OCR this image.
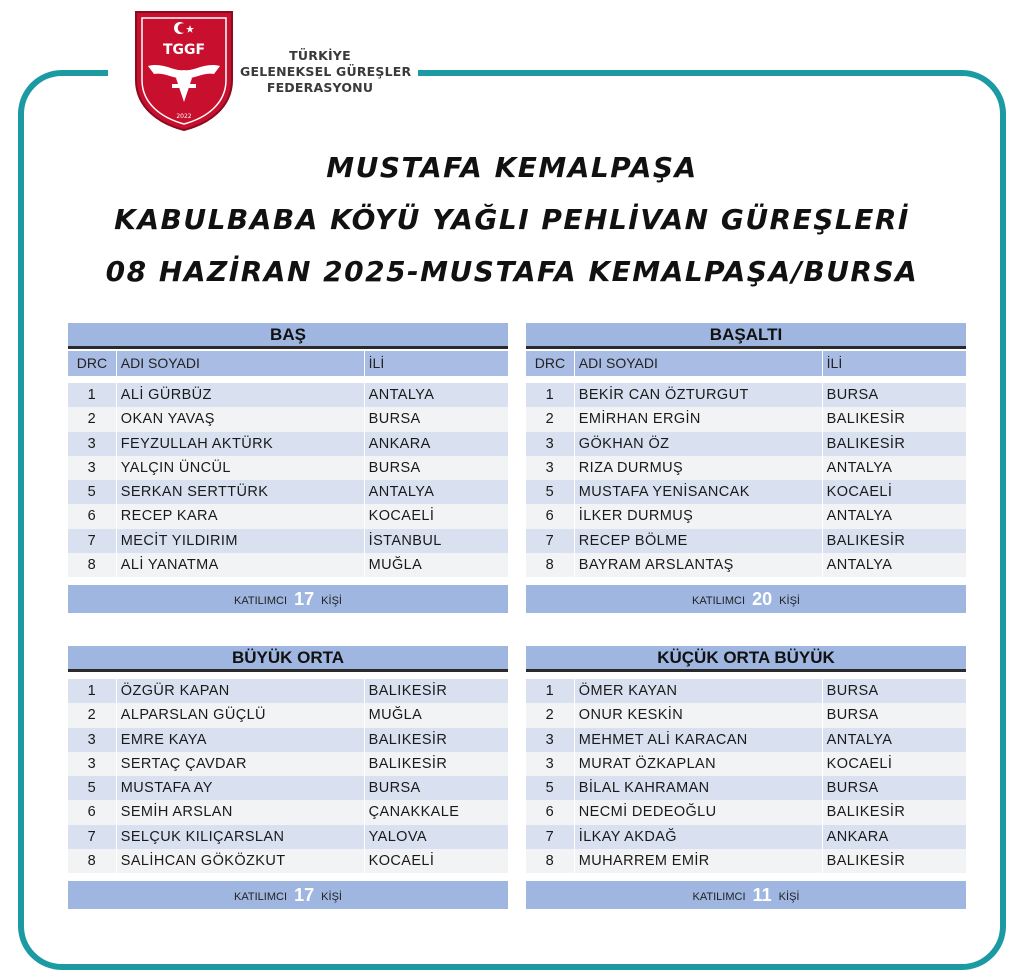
TGGF
2022
TÜRKİYE
GELENEKSEL GÜREŞLER
FEDERASYONU
MUSTAFA KEMALPAŞA
KABULBABA KÖYÜ YAĞLI PEHLİVAN GÜREŞLERİ
08 HAZİRAN 2025-MUSTAFA KEMALPAŞA/BURSA
BAŞ
DRC ADI SOYADI	İLİ
1	ALİ GÜRBÜZ	ANTALYA
2	OKAN YAVAŞ	BURSA
3	FEYZULLAH AKTÜRK	ANKARA
3	YALÇIN ÜNCÜL	BURSA
5	SERKAN SERTTÜRK	ANTALYA
6	RECEP KARA	KOCAELİ
7	MECİT YILDIRIM	İSTANBUL
8	ALİ YANATMA	MUĞLA
KATILIMCI 17 KİŞİ
BAŞALTI
DRC ADI SOYADI	İLİ
1	BEKİR CAN ÖZTURGUT	BURSA
2	EMİRHAN ERGİN	BALIKESİR
3	GÖKHAN ÖZ	BALIKESİR
3	RIZA DURMUŞ	ANTALYA
5	MUSTAFA YENİSANCAK	KOCAELİ
6	İLKER DURMUŞ	ANTALYA
7	RECEP BÖLME	BALIKESİR
8	BAYRAM ARSLANTAŞ	ANTALYA
KATILIMCI 20 KİŞİ
BÜYÜK ORTA
1	ÖZGÜR KAPAN	BALIKESİR
2	ALPARSLAN GÜÇLÜ	MUĞLA
3	EMRE KAYA	BALIKESİR
3	SERTAÇ ÇAVDAR	BALIKESİR
5	MUSTAFA AY	BURSA
6	SEMİH ARSLAN	ÇANAKKALE
7	SELÇUK KILIÇARSLAN	YALOVA
8	SALİHCAN GÖKÖZKUT	KOCAELİ
KATILIMCI 17 KİŞİ
KÜÇÜK ORTA BÜYÜK
1	ÖMER KAYAN	BURSA
2	ONUR KESKİN	BURSA
3	MEHMET ALİ KARACAN	ANTALYA
3	MURAT ÖZKAPLAN	KOCAELİ
5	BİLAL KAHRAMAN	BURSA
6	NECMİ DEDEOĞLU	BALIKESİR
7	İLKAY AKDAĞ	ANKARA
8	MUHARREM EMİR	BALIKESİR
KATILIMCI 11 KİŞİ
